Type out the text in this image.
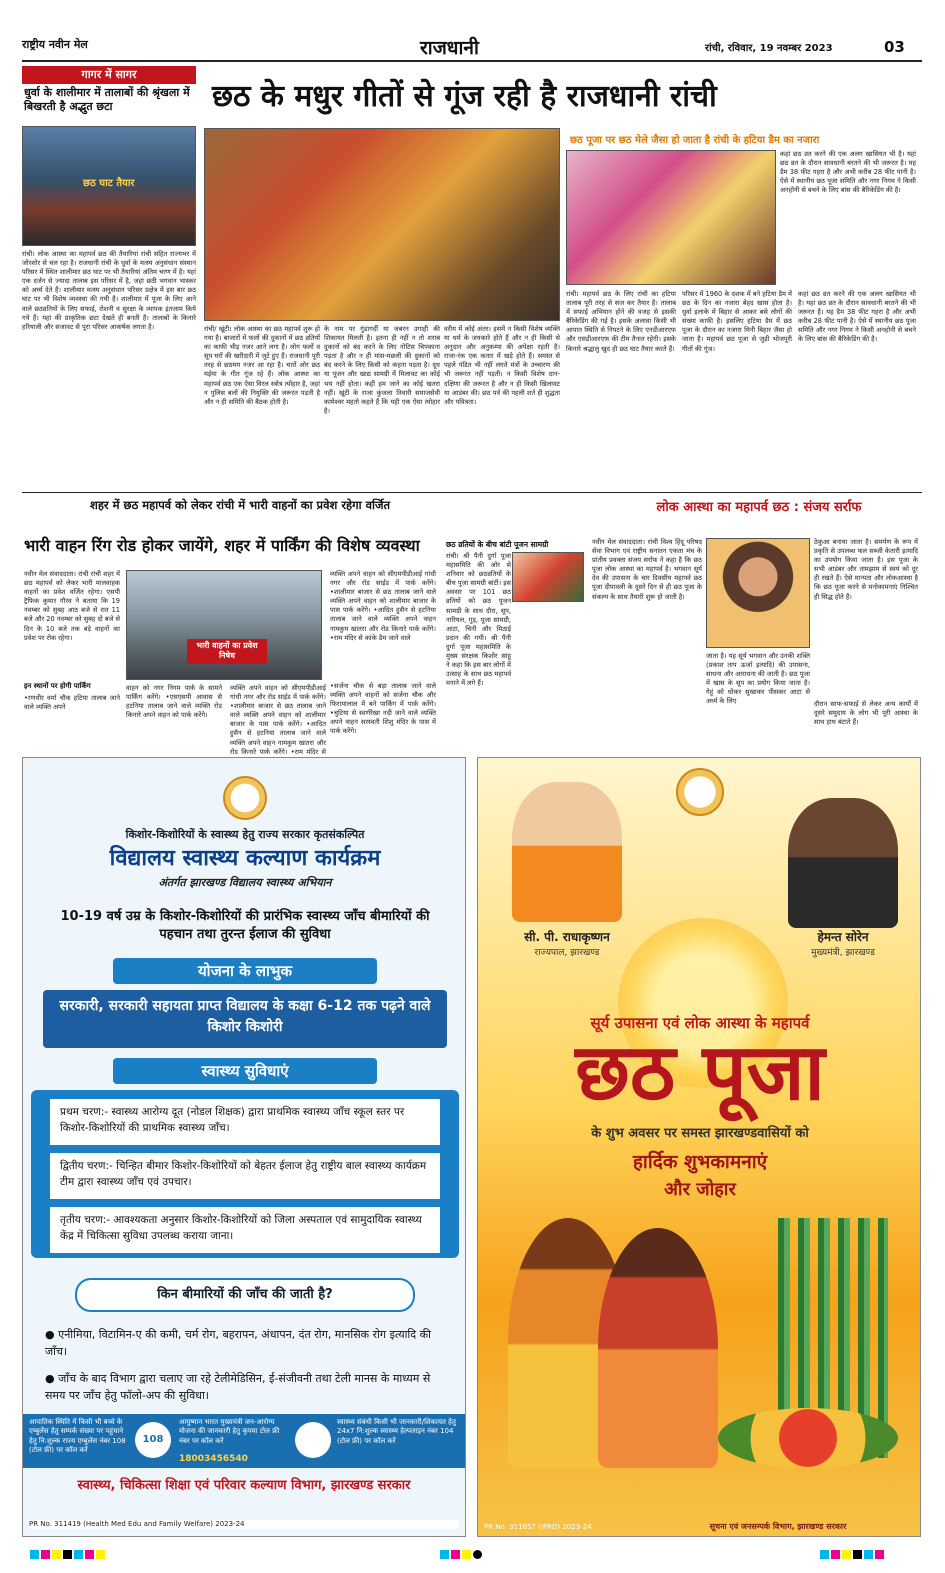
राष्ट्रीय नवीन मेल	राजधानी	रांची, रविवार, 19 नवम्बर 2023	03
गागर में सागर
धुर्वा के शालीमार में तालाबों की श्रृंखला में बिखरती है अद्भुत छटा
छठ घाट तैयार
रांची। लोक आस्था का महापर्व छठ की तैयारियां रांची सहित राज्यभर में जोरशोर से चल रहा है। राजधानी रांची के धुर्वा के मत्स्य अनुसंधान संस्थान परिसर में स्थित शालीमार छठ घाट पर भी तैयारियां अंतिम चरण में है। यहां एक दर्जन से ज्यादा तालाब इस परिसर में है, जहां छठी भगवान भास्कर को अर्घ्य देते हैं। शालीमार मत्स्य अनुसंधान परिसर प्रक्षेत्र में इस बार छठ घाट पर भी विशेष व्यवस्था की गयी है। शालीमार में पूजा के लिए आने वाले छठव्रतियों के लिए सफाई, रोशनी व सुरक्षा के व्यापक इंतजाम किये गये हैं। यहां की प्राकृतिक छटा देखते ही बनती है। तालाबों के किनारे हरियाली और सजावट से पूरा परिसर आकर्षक लगता है।
छठ के मधुर गीतों से गूंज रही है राजधानी रांची
रांची/ खूंटी। लोक आस्था का छठ महापर्व शुरू हो गया है। बाजारों में फलों की दुकानों में छठ व्रतियों का काफी भीड़ नजर आने लगा है। लोग फलों व सूप घरों की खरीदारी में जुटे हुए हैं। राजधानी पूरी तरह से छठमय नजर आ रहा है। चारों ओर छठ मईया के गीत गूंज रहे हैं। लोक आस्था का महापर्व छठ एक ऐसा विरल स्त्रोत्र त्योहार है, जहां न पुलिस बलों की नियुक्ति की जरूरत पड़ती है और न ही समिति की बैठक होती है।
के नाम पर गुंडागर्दी या जबरन उगाही की शिकायत मिलती है। इतना ही नहीं न तो शराब दुकानों को बंद करने के लिए नोटिस चिपकाना पड़ता है और न ही मांस-मछली की दुकानों को बंद करने के लिए किसी को कहना पड़ता है। दूध या पूजन और खाद्य सामग्री में मिलावट का कोई भय नहीं होता। कहीं हम जाने का कोई खतरा नहीं। खूंटी के राजा कुंजला तिवारी समाजसेवी कामेश्वर महतो कहते हैं कि यही एक ऐसा त्योहार है।
वरीय में कोई अंतर। इसमें न किसी विशेष व्यक्ति या धर्म के जयकारे होते हैं और न ही किसी से अनुदान और अनुकम्पा की अपेक्षा रहती है। राजा-रंक एक कतार में खड़े होते हैं। समस्त से पहले पंडित भी नहीं लगते मंत्रों के उच्चारण की भी जरूरत नहीं पड़ती। न किसी विशेष दान-दक्षिणा की जरूरत है और न ही किसी खिलावट या आडंबर की। छठ पर्व की पहली शर्त ही शुद्धता और पवित्रता।
छठ पूजा पर छठ मेले जैसा हो जाता है रांची के हटिया डैम का नजारा
कहां छठ व्रत करने की एक अलग खासियत भी है। यहां छठ व्रत के दौरान सावधानी बरतने की भी जरूरत है। यह डैम 38 फीट गहरा है और अभी करीब 28 फीट पानी है। ऐसे में स्थानीय छठ पूजा समिति और नगर निगम ने किसी अनहोनी से बचने के लिए बांस की बैरिकेडिंग की है।
रांची। महापर्व छठ के लिए रांची का हटिया तालाब पूरी तरह से सज कर तैयार है। तालाब में सफाई अभियान होने की वजह से इसकी बैरिकेडिंग की गई है। इसके अलावा किसी भी आपात स्थिति से निपटने के लिए एनडीआरएफ और एसडीआरएफ की टीम तैनात रहेगी। इसके किनारे श्रद्धालु खुद ही छठ घाट तैयार करते हैं।
परिसर में 1960 के दशक में बने हटिया डैम में छठ के दिन का नजारा बेहद खास होता है। धुर्वा इलाके में बिहार से आकर बसे लोगों की संख्या काफी है। इसलिए हटिया डैम में छठ पूजा के दौरान का नजारा मिनी बिहार जैसा हो जाता है। महापर्व छठ पूजा से जुड़ी भोजपुरी गीतों की गूंज।
कहां छठ व्रत करने की एक अलग खासियत भी है। यहां छठ व्रत के दौरान सावधानी बरतने की भी जरूरत है। यह डैम 38 फीट गहरा है और अभी करीब 28 फीट पानी है। ऐसे में स्थानीय छठ पूजा समिति और नगर निगम ने किसी अनहोनी से बचने के लिए बांस की बैरिकेडिंग की है।
शहर में छठ महापर्व को लेकर रांची में भारी वाहनों का प्रवेश रहेगा वर्जित
भारी वाहन रिंग रोड होकर जायेंगे, शहर में पार्किंग की विशेष व्यवस्था
नवीन मेल संवाददाता। रांची रांची शहर में छठ महापर्व को लेकर भारी मालवाहक वाहनों का प्रवेश वर्जित रहेगा। एसपी ट्रैफिक कुमार गौरव ने बताया कि 19 नवम्बर को सुबह आठ बजे से रात 11 बजे और 20 नवम्बर को सुबह दो बजे से दिन के 10 बजे तक बड़े वाहनों का प्रवेश पर रोक रहेगा।
इन स्थानों पर होगी पार्किंग
•रणधीर वर्मा चौक हटिया तालाब जाने वाले व्यक्ति अपने
भारी वाहनों का प्रवेश निषेध
वाहन को नगर निगम पार्क के सामने पार्किंग करेंगे। •एसएसपी आवास से हटनिया तालाब जाने वाले व्यक्ति रोड किनारे अपने वाहन को पार्क करेंगे।
व्यक्ति अपने वाहन को सीएमपीडीआई गांधी नगर और रोड साईड में पार्क करेंगे। •शालीमार बाजार से छठ तालाब जाने वाले व्यक्ति अपने वाहन को शालीमार बाजार के पास पार्क करेंगे। •आदित हुसैन से हटनिया तालाब जाने वाले व्यक्ति अपने वाहन नामकुम खातरा और रोड किनारे पार्क करेंगे। •राम मंदिर से
व्यक्ति अपने वाहन को सीएमपीडीआई गांधी नगर और रोड साईड में पार्क करेंगे। •शालीमार बाजार से छठ तालाब जाने वाले व्यक्ति अपने वाहन को शालीमार बाजार के पास पार्क करेंगे। •आदित हुसैन से हटनिया तालाब जाने वाले व्यक्ति अपने वाहन नामकुम खातरा और रोड किनारे पार्क करेंगे। •राम मंदिर से कांके डैम जाने वाले
•सर्जना चौक से बड़ा तालाब जाने वाले व्यक्ति अपने वाहनों को सर्जना चौक और फिरायालाल में बने पार्किंग में पार्क करेंगे। •चुटिया से स्वर्णरेखा नदी जाने वाले व्यक्ति अपने वाहन सरस्वती शिशु मंदिर के पास में पार्क करेंगे।
छठ व्रतियों के बीच बांटी पूजन सामग्री
रांची। श्री पैनी दुर्गा पूजा महासमिति की ओर से शनिवार को छठव्रतियों के बीच पूजा सामग्री बांटी। इस अवसर पर 101 छठ व्रतियों को छठ पूजन सामग्री के साथ दौरा, सूप, नारियल, गुड़, पूजा सामग्री, आटा, चिनी और मिठाई प्रदान की गयी। श्री पैनी दुर्गा पूजा महासमिति के मुख्य संरक्षक किशोर साहू ने कहा कि इस बार लोगों में उत्साह के साथ छठ महापर्व मनाने में लगे हैं।
लोक आस्था का महापर्व छठ : संजय सर्राफ
नवीन मेल संवाददाता। रांची विश्व हिंदू परिषद सेवा विभाग एवं राष्ट्रीय सनातन एकता मंच के प्रांतीय प्रवक्ता संजय सर्राफ ने कहा है कि छठ पूजा लोक आस्था का महापर्व है। भगवान सूर्य देव की उपासना के चार दिवसीय महापर्व छठ पूजा दीपावली के दूसरे दिन से ही छठ पूजा के संकल्प के साथ तैयारी शुरू हो जाती है।
जाता है। यह सूर्य भगवान और उनकी शक्ति (प्रकाश ताप ऊर्जा इत्यादि) की उपासना, साधना और आराधना की जाती है। छठ पूजा में खास के सूप का प्रयोग किया जाता है। गेहूं को धोकर सुखाकर पीसकर आटा से अर्ध्य के लिए
ठेकुआ बनाया जाता है। समर्पण के रूप में प्रकृति से उपलब्ध फल सब्जी केतारी इत्यादि का उपयोग किया जाता है। इस पूजा के सभी आडंबर और तामझाम से स्वयं को दूर ही रखते हैं। ऐसे मान्यता और लोकआस्था है कि छठ पूजा करने से मनोकामनाएं निश्चित ही सिद्ध होते हैं।
दौरान साफ-सफाई से लेकर अन्य कार्यों में दूसरे समुदाय के लोग भी पूरी आस्था के साथ हाथ बंटाते हैं।
किशोर-किशोरियों के स्वास्थ्य हेतु राज्य सरकार कृतसंकल्पित
विद्यालय स्वास्थ्य कल्याण कार्यक्रम
अंतर्गत झारखण्ड विद्यालय स्वास्थ्य अभियान
10-19 वर्ष उम्र के किशोर-किशोरियों की प्रारंभिक स्वास्थ्य जाँच बीमारियों की पहचान तथा तुरन्त ईलाज की सुविधा
योजना के लाभुक
सरकारी, सरकारी सहायता प्राप्त विद्यालय के कक्षा 6-12 तक पढ़ने वाले किशोर किशोरी
स्वास्थ्य सुविधाएं
प्रथम चरण:- स्वास्थ्य आरोग्य दूत (नोडल शिक्षक) द्वारा प्राथमिक स्वास्थ्य जाँच स्कूल स्तर पर किशोर-किशोरियों की प्राथमिक स्वास्थ्य जाँच।
द्वितीय चरण:- चिन्हित बीमार किशोर-किशोरियों को बेहतर ईलाज हेतु राष्ट्रीय बाल स्वास्थ्य कार्यक्रम टीम द्वारा स्वास्थ्य जाँच एवं उपचार।
तृतीय चरण:- आवश्यकता अनुसार किशोर-किशोरियों को जिला अस्पताल एवं सामुदायिक स्वास्थ्य केंद्र में चिकित्सा सुविधा उपलब्ध कराया जाना।
किन बीमारियों की जाँच की जाती है?
● एनीमिया, विटामिन-ए की कमी, चर्म रोग, बहरापन, अंधापन, दंत रोग, मानसिक रोग इत्यादि की जाँच।
● जाँच के बाद विभाग द्वारा चलाए जा रहे टेलीमेडिसिन, ई-संजीवनी तथा टेली मानस के माध्यम से समय पर जाँच हेतु फॉलो-अप की सुविधा।
आपातिक स्थिति में किसी भी बच्चे के एम्बुलेंस हेतु सम्पर्क संख्या पर पहुंचाने हेतु नि:शुल्क राज्य एम्बुलेंस नंबर 108 (टोल फ्री) पर कॉल करें
108
आयुष्मान भारत मुख्यमंत्री जन-आरोग्य योजना की जानकारी हेतु कृपया टोल फ्री नंबर पर कॉल करें
18003456540
स्वास्थ्य संबंधी किसी भी जानकारी/शिकायत हेतु 24x7 नि:शुल्क स्वास्थ्य हेल्पलाइन नंबर 104 (टोल फ्री) पर कॉल करें
स्वास्थ्य, चिकित्सा शिक्षा एवं परिवार कल्याण विभाग, झारखण्ड सरकार
PR No. 311419 (Health Med Edu and Family Welfare) 2023-24
सी. पी. राधाकृष्णन
राज्यपाल, झारखण्ड
हेमन्त सोरेन
मुख्यमंत्री, झारखण्ड
सूर्य उपासना एवं लोक आस्था के महापर्व
छठ पूजा
के शुभ अवसर पर समस्त झारखण्डवासियों को
हार्दिक शुभकामनाएं
और जोहार
PR No. 311657 (IPRD) 2023-24	सूचना एवं जनसम्पर्क विभाग, झारखण्ड सरकार
